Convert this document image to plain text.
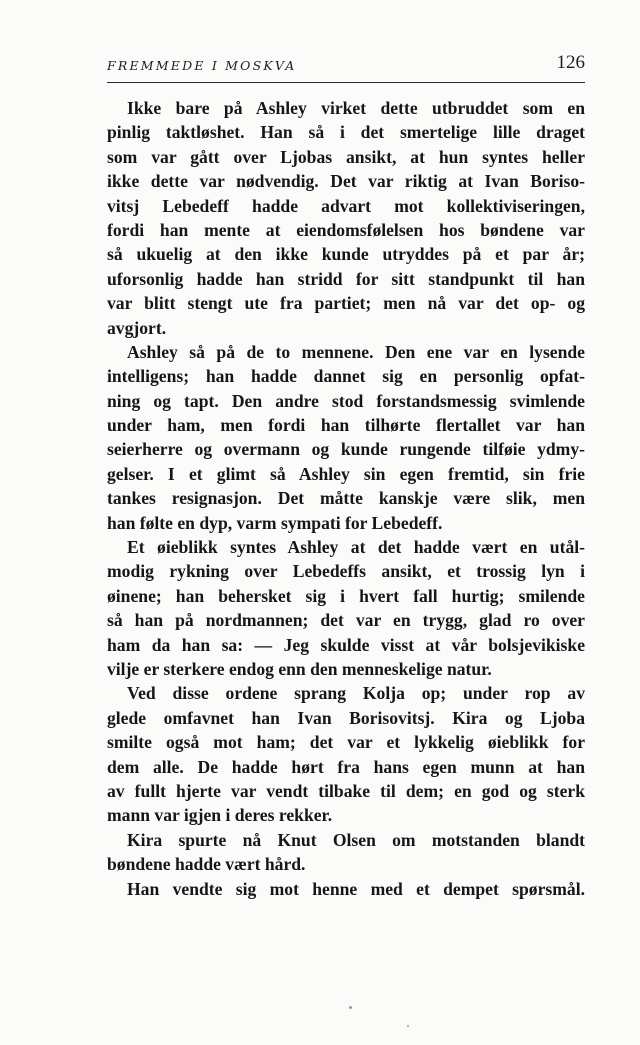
FREMMEDE I MOSKVA	126
Ikke bare på Ashley virket dette utbruddet som en
pinlig taktløshet. Han så i det smertelige lille draget
som var gått over Ljobas ansikt, at hun syntes heller
ikke dette var nødvendig. Det var riktig at Ivan Boriso-
vitsj Lebedeff hadde advart mot kollektiviseringen,
fordi han mente at eiendomsfølelsen hos bøndene var
så ukuelig at den ikke kunde utryddes på et par år;
uforsonlig hadde han stridd for sitt standpunkt til han
var blitt stengt ute fra partiet; men nå var det op- og
avgjort.
Ashley så på de to mennene. Den ene var en lysende
intelligens; han hadde dannet sig en personlig opfat-
ning og tapt. Den andre stod forstandsmessig svimlende
under ham, men fordi han tilhørte flertallet var han
seierherre og overmann og kunde rungende tilføie ydmy-
gelser. I et glimt så Ashley sin egen fremtid, sin frie
tankes resignasjon. Det måtte kanskje være slik, men
han følte en dyp, varm sympati for Lebedeff.
Et øieblikk syntes Ashley at det hadde vært en utål-
modig rykning over Lebedeffs ansikt, et trossig lyn i
øinene; han behersket sig i hvert fall hurtig; smilende
så han på nordmannen; det var en trygg, glad ro over
ham da han sa: — Jeg skulde visst at vår bolsjevikiske
vilje er sterkere endog enn den menneskelige natur.
Ved disse ordene sprang Kolja op; under rop av
glede omfavnet han Ivan Borisovitsj. Kira og Ljoba
smilte også mot ham; det var et lykkelig øieblikk for
dem alle. De hadde hørt fra hans egen munn at han
av fullt hjerte var vendt tilbake til dem; en god og sterk
mann var igjen i deres rekker.
Kira spurte nå Knut Olsen om motstanden blandt
bøndene hadde vært hård.
Han vendte sig mot henne med et dempet spørsmål.
